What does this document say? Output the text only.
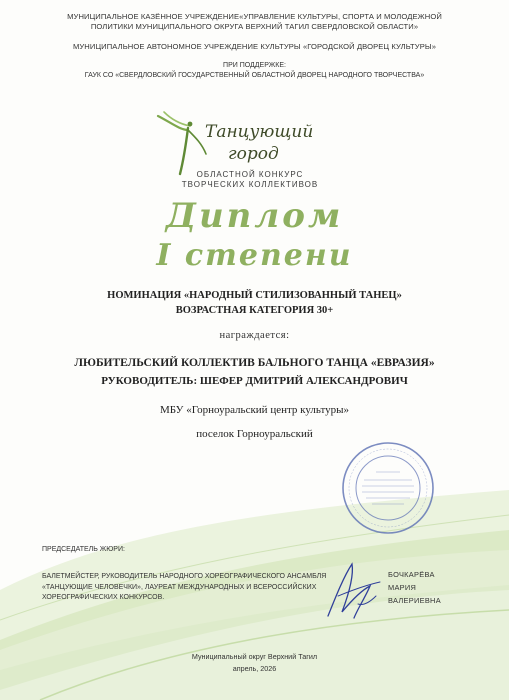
МУНИЦИПАЛЬНОЕ КАЗЁННОЕ УЧРЕЖДЕНИЕ«УПРАВЛЕНИЕ КУЛЬТУРЫ, СПОРТА И МОЛОДЕЖНОЙ
ПОЛИТИКИ МУНИЦИПАЛЬНОГО ОКРУГА ВЕРХНИЙ ТАГИЛ СВЕРДЛОВСКОЙ ОБЛАСТИ»
МУНИЦИПАЛЬНОЕ АВТОНОМНОЕ УЧРЕЖДЕНИЕ КУЛЬТУРЫ «ГОРОДСКОЙ ДВОРЕЦ КУЛЬТУРЫ»
ПРИ ПОДДЕРЖКЕ:
ГАУК СО «СВЕРДЛОВСКИЙ ГОСУДАРСТВЕННЫЙ ОБЛАСТНОЙ ДВОРЕЦ НАРОДНОГО ТВОРЧЕСТВА»
Танцующий
город
ОБЛАСТНОЙ КОНКУРС
ТВОРЧЕСКИХ КОЛЛЕКТИВОВ
Диплом
I степени
НОМИНАЦИЯ «НАРОДНЫЙ СТИЛИЗОВАННЫЙ ТАНЕЦ»
ВОЗРАСТНАЯ КАТЕГОРИЯ 30+
награждается:
ЛЮБИТЕЛЬСКИЙ КОЛЛЕКТИВ БАЛЬНОГО ТАНЦА «ЕВРАЗИЯ»
РУКОВОДИТЕЛЬ: ШЕФЕР ДМИТРИЙ АЛЕКСАНДРОВИЧ
МБУ «Горноуральский центр культуры»
поселок Горноуральский
ПРЕДСЕДАТЕЛЬ ЖЮРИ:
БАЛЕТМЕЙСТЕР, РУКОВОДИТЕЛЬ НАРОДНОГО ХОРЕОГРАФИЧЕСКОГО АНСАМБЛЯ
«ТАНЦУЮЩИЕ ЧЕЛОВЕЧКИ», ЛАУРЕАТ МЕЖДУНАРОДНЫХ И ВСЕРОССИЙСКИХ
ХОРЕОГРАФИЧЕСКИХ КОНКУРСОВ.
БОЧКАРЁВА
МАРИЯ
ВАЛЕРИЕВНА
Муниципальный округ Верхний Тагил
апрель, 2026
